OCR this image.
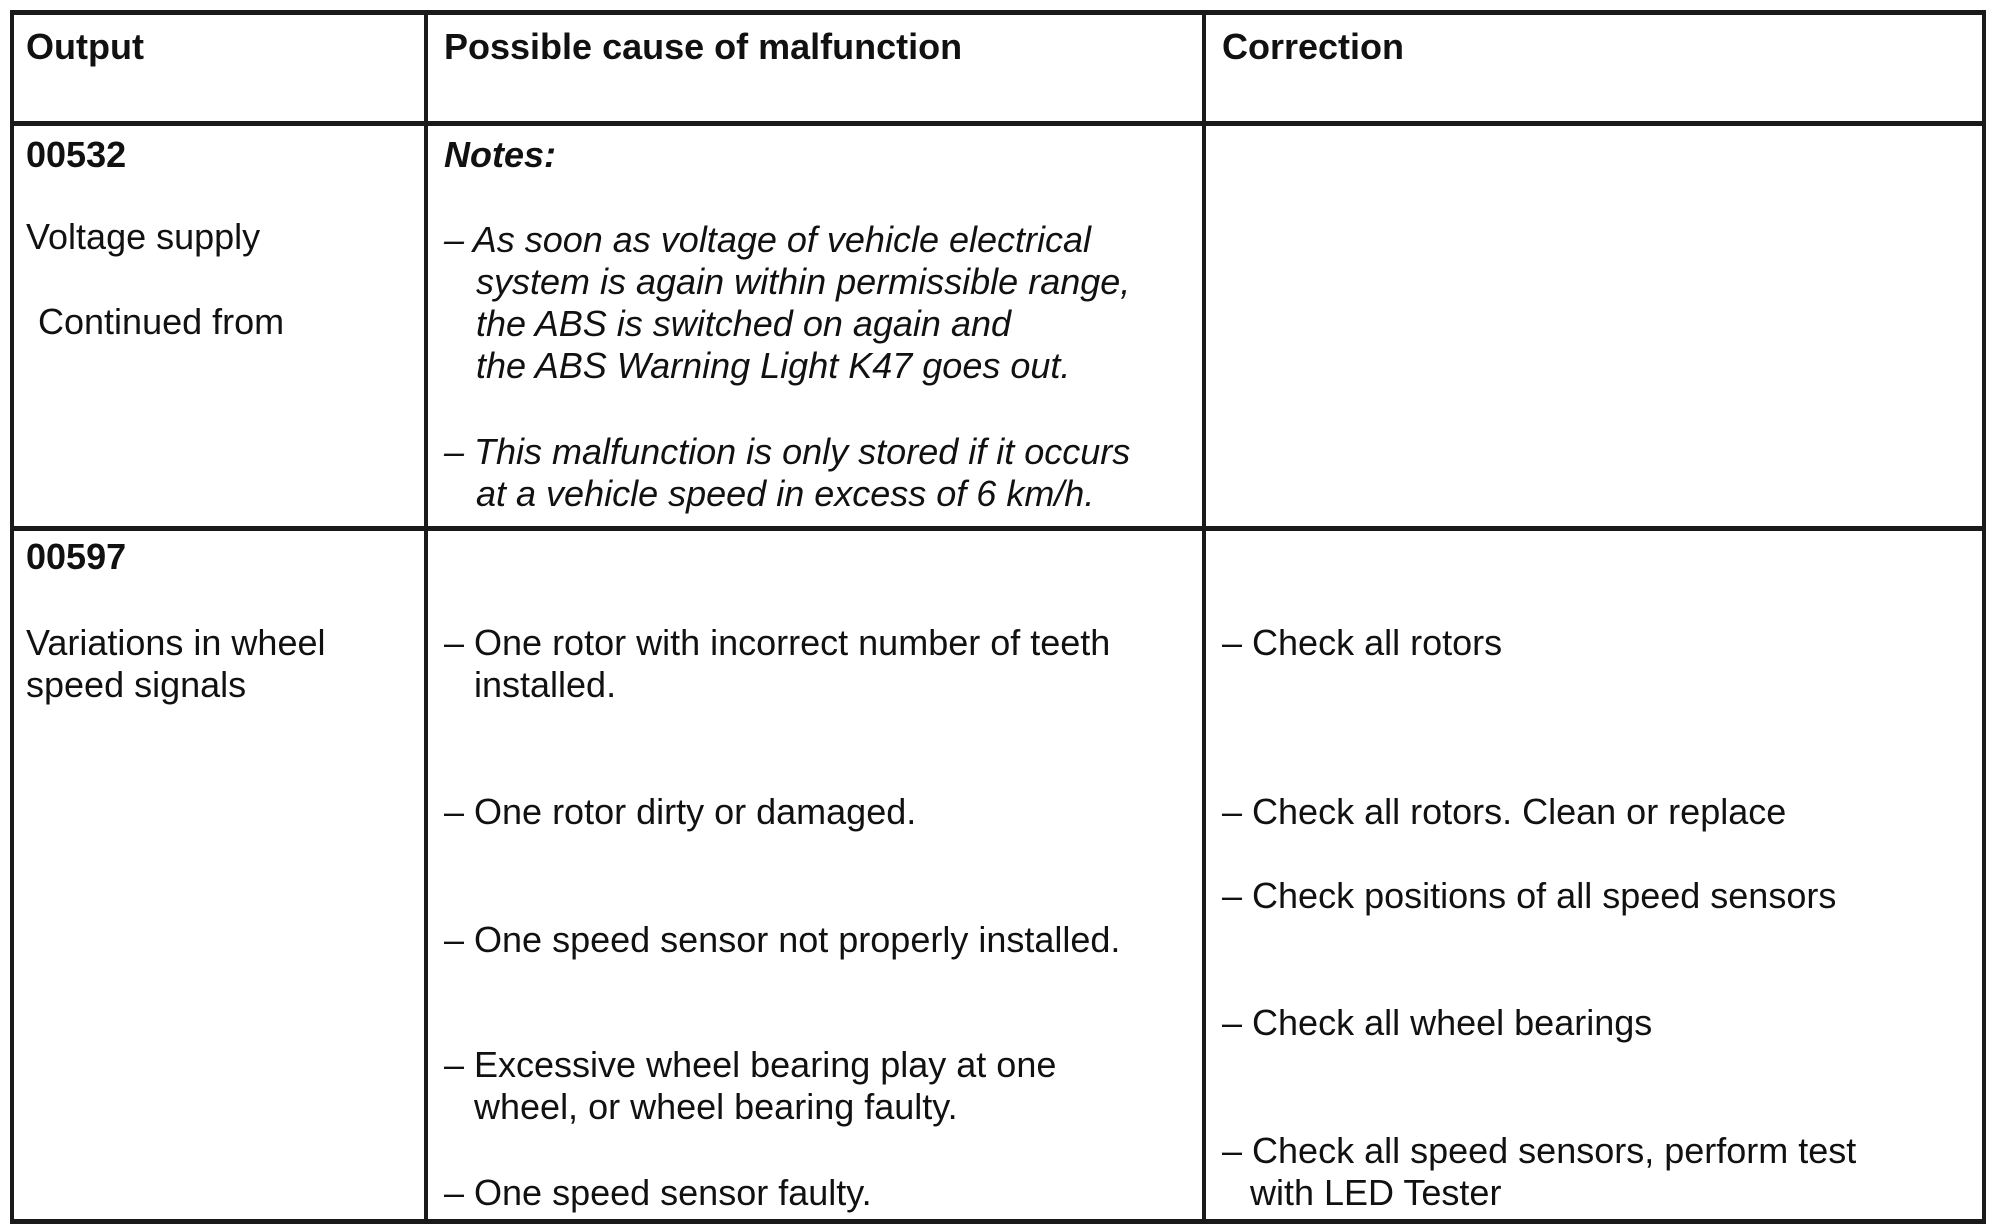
Output	Possible cause of malfunction	Correction
00532
Voltage supply
Continued from
Notes:
– As soon as voltage of vehicle electrical
system is again within permissible range,
the ABS is switched on again and
the ABS Warning Light K47 goes out.
– This malfunction is only stored if it occurs
at a vehicle speed in excess of 6 km/h.
00597
Variations in wheel
speed signals
– One rotor with incorrect number of teeth
installed.
– One rotor dirty or damaged.
– One speed sensor not properly installed.
– Excessive wheel bearing play at one
wheel, or wheel bearing faulty.
– One speed sensor faulty.
– Check all rotors
– Check all rotors. Clean or replace
– Check positions of all speed sensors
– Check all wheel bearings
– Check all speed sensors, perform test
with LED Tester
